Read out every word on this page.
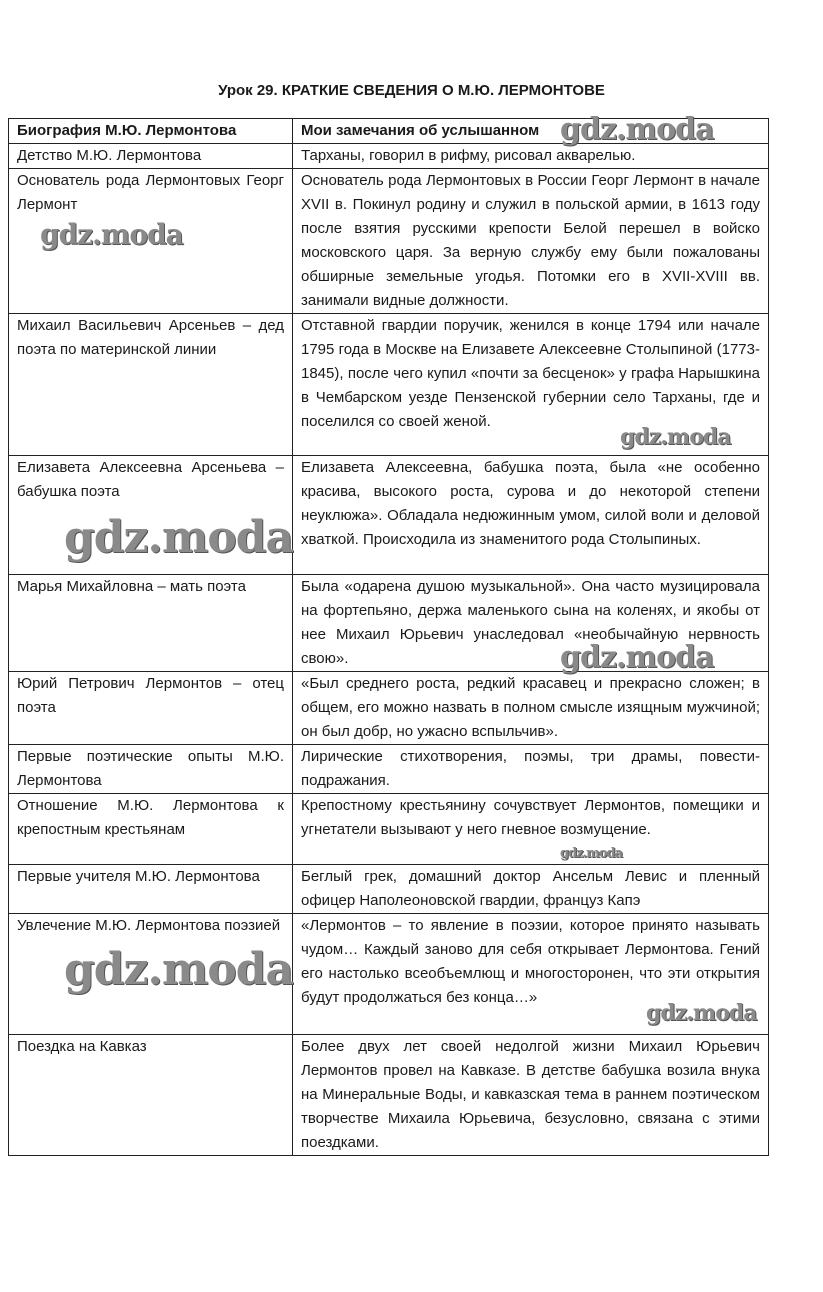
Урок 29. КРАТКИЕ СВЕДЕНИЯ О М.Ю. ЛЕРМОНТОВЕ
Биография М.Ю. Лермонтова	Мои замечания об услышанном
Детство М.Ю. Лермонтова	Тарханы, говорил в рифму, рисовал акварелью.
Основатель рода Лермонтовых Георг Лермонт	Основатель рода Лермонтовых в России Георг Лермонт в начале XVII в. Покинул родину и служил в польской армии, в 1613 году после взятия русскими крепости Белой перешел в войско московского царя. За верную службу ему были пожалованы обширные земельные угодья. Потомки его в XVII-XVIII вв. занимали видные должности.
Михаил Васильевич Арсеньев – дед поэта по материнской линии	Отставной гвардии поручик, женился в конце 1794 или начале 1795 года в Москве на Елизавете Алексеевне Столыпиной (1773-1845), после чего купил «почти за бесценок» у графа Нарышкина в Чембарском уезде Пензенской губернии село Тарханы, где и поселился со своей женой.
Елизавета Алексеевна Арсеньева – бабушка поэта	Елизавета Алексеевна, бабушка поэта, была «не особенно красива, высокого роста, сурова и до некоторой степени неуклюжа». Обладала недюжинным умом, силой воли и деловой хваткой. Происходила из знаменитого рода Столыпиных.
Марья Михайловна – мать поэта	Была «одарена душою музыкальной». Она часто музицировала на фортепьяно, держа маленького сына на коленях, и якобы от нее Михаил Юрьевич унаследовал «необычайную нервность свою».
Юрий Петрович Лермонтов – отец поэта	«Был среднего роста, редкий красавец и прекрасно сложен; в общем, его можно назвать в полном смысле изящным мужчиной; он был добр, но ужасно вспыльчив».
Первые поэтические опыты М.Ю. Лермонтова	Лирические стихотворения, поэмы, три драмы, повести-подражания.
Отношение М.Ю. Лермонтова к крепостным крестьянам	Крепостному крестьянину сочувствует Лермонтов, помещики и угнетатели вызывают у него гневное возмущение.
Первые учителя М.Ю. Лермонтова	Беглый грек, домашний доктор Ансельм Левис и пленный офицер Наполеоновской гвардии, француз Капэ
Увлечение М.Ю. Лермонтова поэзией	«Лермонтов – то явление в поэзии, которое принято называть чудом… Каждый заново для себя открывает Лермонтова. Гений его настолько всеобъемлющ и многосторонен, что эти открытия будут продолжаться без конца…»
Поездка на Кавказ	Более двух лет своей недолгой жизни Михаил Юрьевич Лермонтов провел на Кавказе. В детстве бабушка возила внука на Минеральные Воды, и кавказская тема в раннем поэтическом творчестве Михаила Юрьевича, безусловно, связана с этими поездками.
gdz.moda
gdz.moda
gdz.moda
gdz.moda
gdz.moda
gdz.moda
gdz.moda
gdz.moda
